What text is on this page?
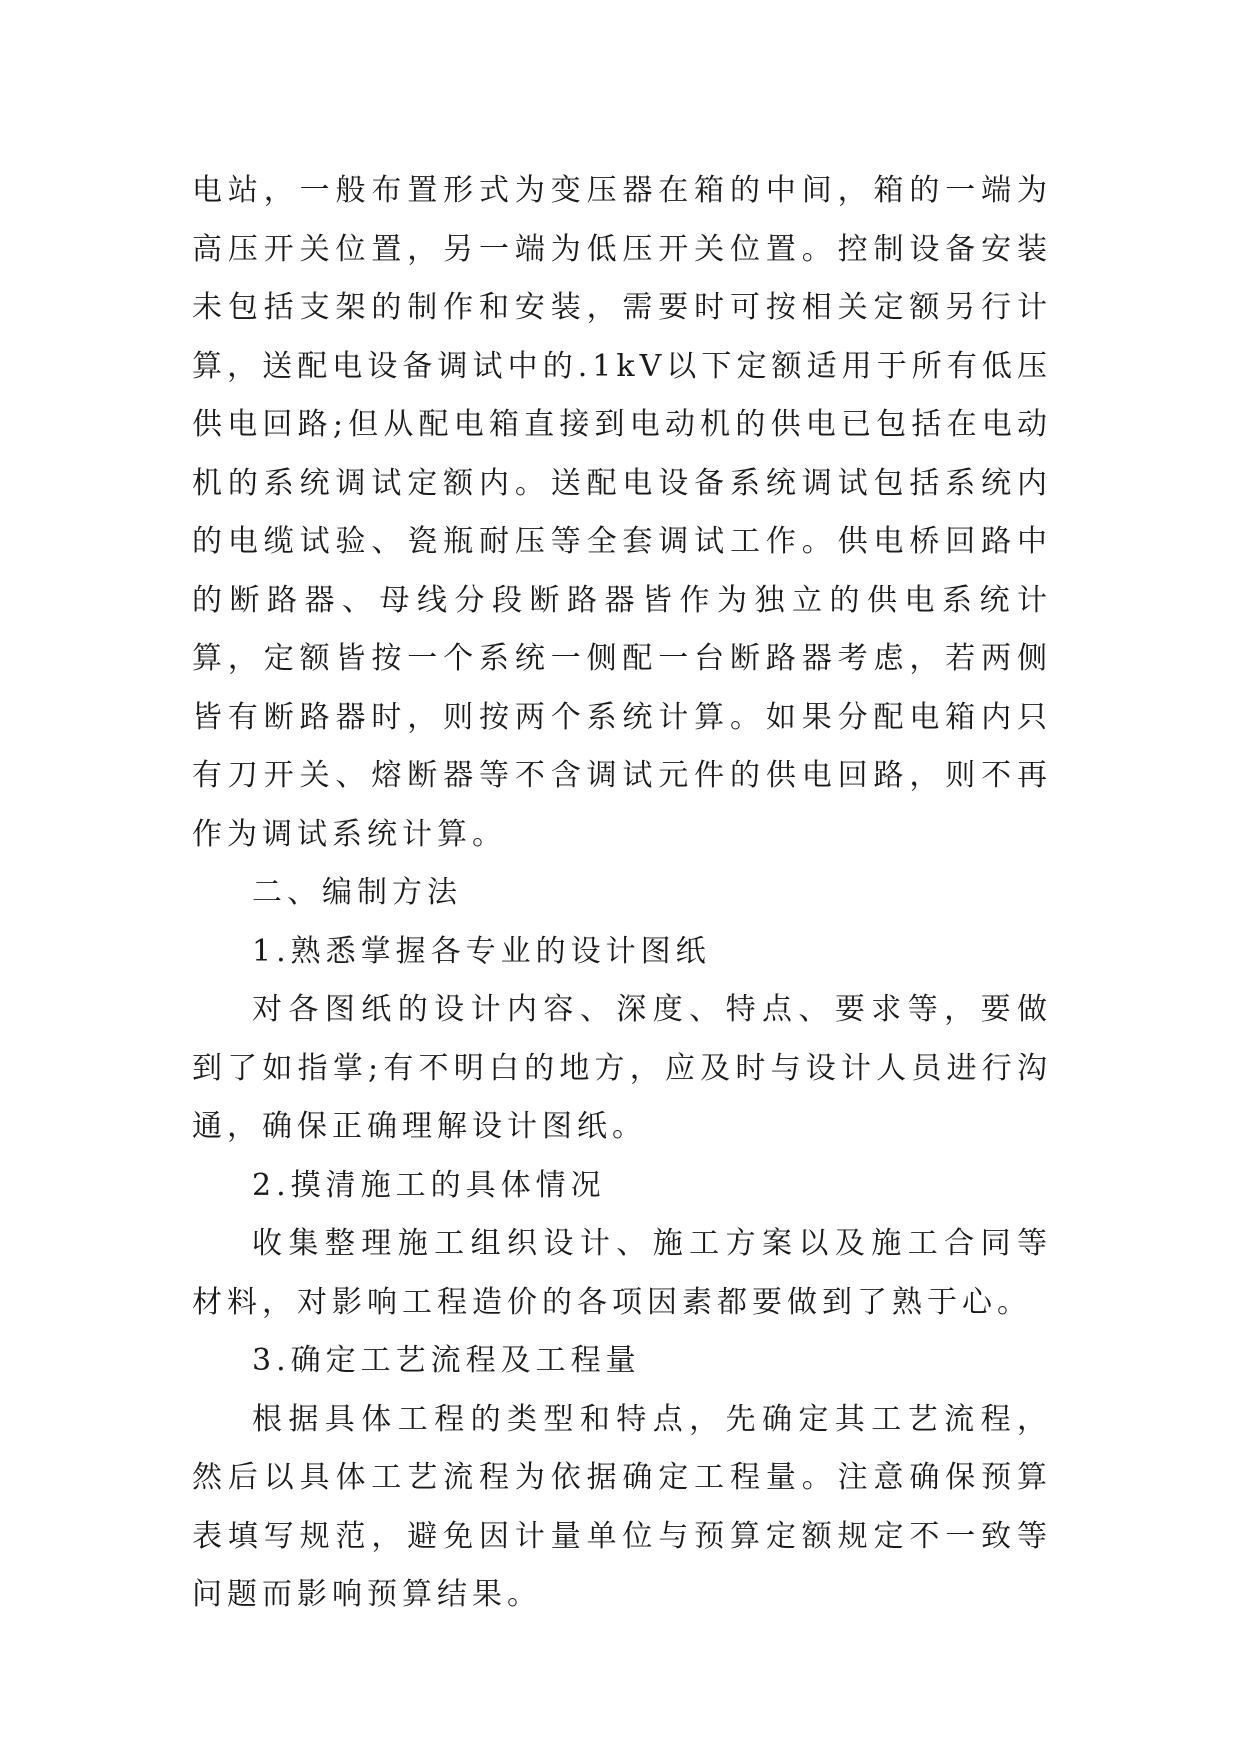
电站，一般布置形式为变压器在箱的中间，箱的一端为高压开关位置，另一端为低压开关位置。控制设备安装未包括支架的制作和安装，需要时可按相关定额另行计算，送配电设备调试中的.1kV以下定额适用于所有低压供电回路;但从配电箱直接到电动机的供电已包括在电动机的系统调试定额内。送配电设备系统调试包括系统内的电缆试验、瓷瓶耐压等全套调试工作。供电桥回路中的断路器、母线分段断路器皆作为独立的供电系统计算，定额皆按一个系统一侧配一台断路器考虑，若两侧皆有断路器时，则按两个系统计算。如果分配电箱内只有刀开关、熔断器等不含调试元件的供电回路，则不再作为调试系统计算。

二、编制方法

1.熟悉掌握各专业的设计图纸

对各图纸的设计内容、深度、特点、要求等，要做到了如指掌;有不明白的地方，应及时与设计人员进行沟通，确保正确理解设计图纸。

2.摸清施工的具体情况

收集整理施工组织设计、施工方案以及施工合同等材料，对影响工程造价的各项因素都要做到了熟于心。

3.确定工艺流程及工程量

根据具体工程的类型和特点，先确定其工艺流程，然后以具体工艺流程为依据确定工程量。注意确保预算表填写规范，避免因计量单位与预算定额规定不一致等问题而影响预算结果。
